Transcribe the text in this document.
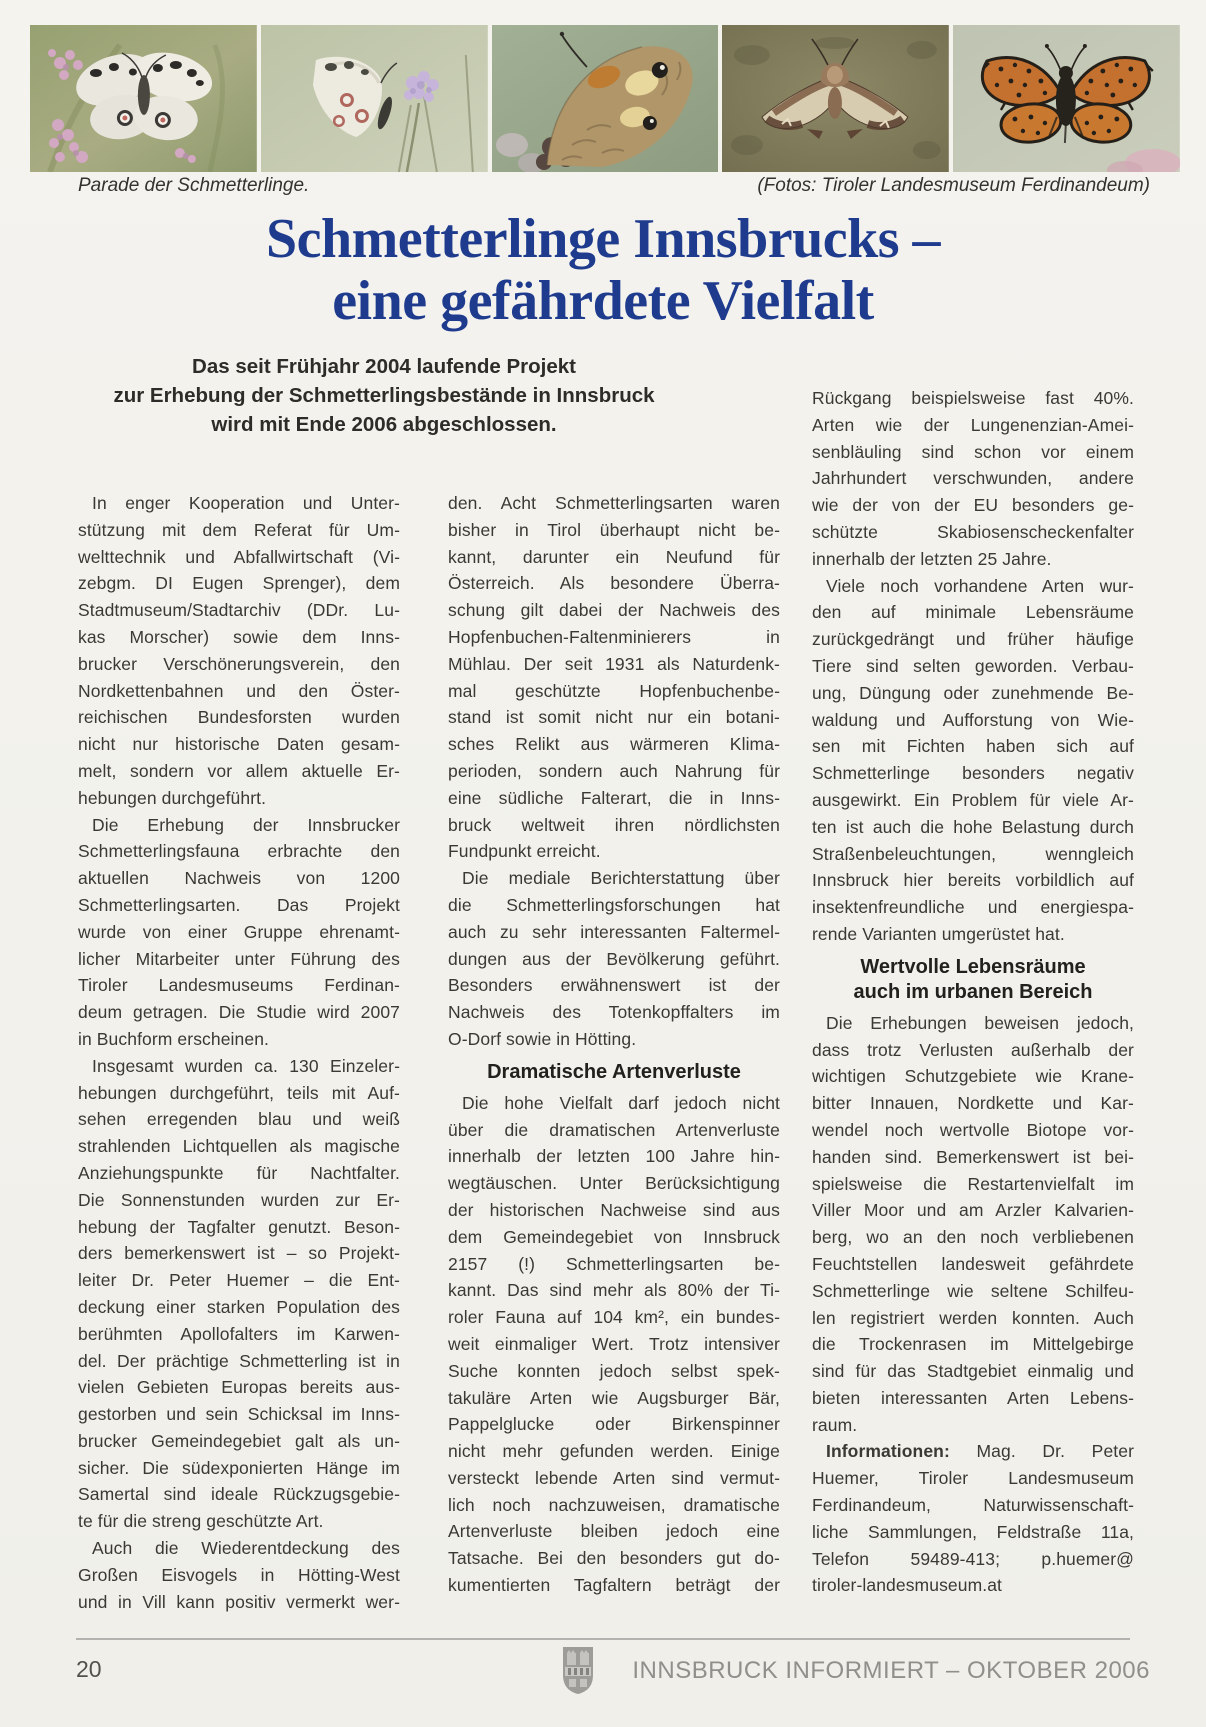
Parade der Schmetterlinge.	(Fotos: Tiroler Landesmuseum Ferdinandeum)
Schmetterlinge Innsbrucks –
eine gefährdete Vielfalt
Das seit Frühjahr 2004 laufende Projekt
zur Erhebung der Schmetterlingsbestände in Innsbruck
wird mit Ende 2006 abgeschlossen.
In enger Kooperation und Unter-
stützung mit dem Referat für Um-
welttechnik und Abfallwirtschaft (Vi-
zebgm. DI Eugen Sprenger), dem
Stadtmuseum/Stadtarchiv (DDr. Lu-
kas Morscher) sowie dem Inns-
brucker Verschönerungsverein, den
Nordkettenbahnen und den Öster-
reichischen Bundesforsten wurden
nicht nur historische Daten gesam-
melt, sondern vor allem aktuelle Er-
hebungen durchgeführt.
Die Erhebung der Innsbrucker
Schmetterlingsfauna erbrachte den
aktuellen Nachweis von 1200
Schmetterlingsarten. Das Projekt
wurde von einer Gruppe ehrenamt-
licher Mitarbeiter unter Führung des
Tiroler Landesmuseums Ferdinan-
deum getragen. Die Studie wird 2007
in Buchform erscheinen.
Insgesamt wurden ca. 130 Einzeler-
hebungen durchgeführt, teils mit Auf-
sehen erregenden blau und weiß
strahlenden Lichtquellen als magische
Anziehungspunkte für Nachtfalter.
Die Sonnenstunden wurden zur Er-
hebung der Tagfalter genutzt. Beson-
ders bemerkenswert ist – so Projekt-
leiter Dr. Peter Huemer – die Ent-
deckung einer starken Population des
berühmten Apollofalters im Karwen-
del. Der prächtige Schmetterling ist in
vielen Gebieten Europas bereits aus-
gestorben und sein Schicksal im Inns-
brucker Gemeindegebiet galt als un-
sicher. Die südexponierten Hänge im
Samertal sind ideale Rückzugsgebie-
te für die streng geschützte Art.
Auch die Wiederentdeckung des
Großen Eisvogels in Hötting-West
und in Vill kann positiv vermerkt wer-
den. Acht Schmetterlingsarten waren
bisher in Tirol überhaupt nicht be-
kannt, darunter ein Neufund für
Österreich. Als besondere Überra-
schung gilt dabei der Nachweis des
Hopfenbuchen-Faltenminierers in
Mühlau. Der seit 1931 als Naturdenk-
mal geschützte Hopfenbuchenbe-
stand ist somit nicht nur ein botani-
sches Relikt aus wärmeren Klima-
perioden, sondern auch Nahrung für
eine südliche Falterart, die in Inns-
bruck weltweit ihren nördlichsten
Fundpunkt erreicht.
Die mediale Berichterstattung über
die Schmetterlingsforschungen hat
auch zu sehr interessanten Faltermel-
dungen aus der Bevölkerung geführt.
Besonders erwähnenswert ist der
Nachweis des Totenkopffalters im
O-Dorf sowie in Hötting.
Dramatische Artenverluste
Die hohe Vielfalt darf jedoch nicht
über die dramatischen Artenverluste
innerhalb der letzten 100 Jahre hin-
wegtäuschen. Unter Berücksichtigung
der historischen Nachweise sind aus
dem Gemeindegebiet von Innsbruck
2157 (!) Schmetterlingsarten be-
kannt. Das sind mehr als 80% der Ti-
roler Fauna auf 104 km², ein bundes-
weit einmaliger Wert. Trotz intensiver
Suche konnten jedoch selbst spek-
takuläre Arten wie Augsburger Bär,
Pappelglucke oder Birkenspinner
nicht mehr gefunden werden. Einige
versteckt lebende Arten sind vermut-
lich noch nachzuweisen, dramatische
Artenverluste bleiben jedoch eine
Tatsache. Bei den besonders gut do-
kumentierten Tagfaltern beträgt der
Rückgang beispielsweise fast 40%.
Arten wie der Lungenenzian-Amei-
senbläuling sind schon vor einem
Jahrhundert verschwunden, andere
wie der von der EU besonders ge-
schützte Skabiosenscheckenfalter
innerhalb der letzten 25 Jahre.
Viele noch vorhandene Arten wur-
den auf minimale Lebensräume
zurückgedrängt und früher häufige
Tiere sind selten geworden. Verbau-
ung, Düngung oder zunehmende Be-
waldung und Aufforstung von Wie-
sen mit Fichten haben sich auf
Schmetterlinge besonders negativ
ausgewirkt. Ein Problem für viele Ar-
ten ist auch die hohe Belastung durch
Straßenbeleuchtungen, wenngleich
Innsbruck hier bereits vorbildlich auf
insektenfreundliche und energiespa-
rende Varianten umgerüstet hat.
Wertvolle Lebensräume
auch im urbanen Bereich
Die Erhebungen beweisen jedoch,
dass trotz Verlusten außerhalb der
wichtigen Schutzgebiete wie Krane-
bitter Innauen, Nordkette und Kar-
wendel noch wertvolle Biotope vor-
handen sind. Bemerkenswert ist bei-
spielsweise die Restartenvielfalt im
Viller Moor und am Arzler Kalvarien-
berg, wo an den noch verbliebenen
Feuchtstellen landesweit gefährdete
Schmetterlinge wie seltene Schilfeu-
len registriert werden konnten. Auch
die Trockenrasen im Mittelgebirge
sind für das Stadtgebiet einmalig und
bieten interessanten Arten Lebens-
raum.
Informationen: Mag. Dr. Peter
Huemer, Tiroler Landesmuseum
Ferdinandeum, Naturwissenschaft-
liche Sammlungen, Feldstraße 11a,
Telefon 59489-413; p.huemer@
tiroler-landesmuseum.at
20	INNSBRUCK INFORMIERT – OKTOBER 2006
